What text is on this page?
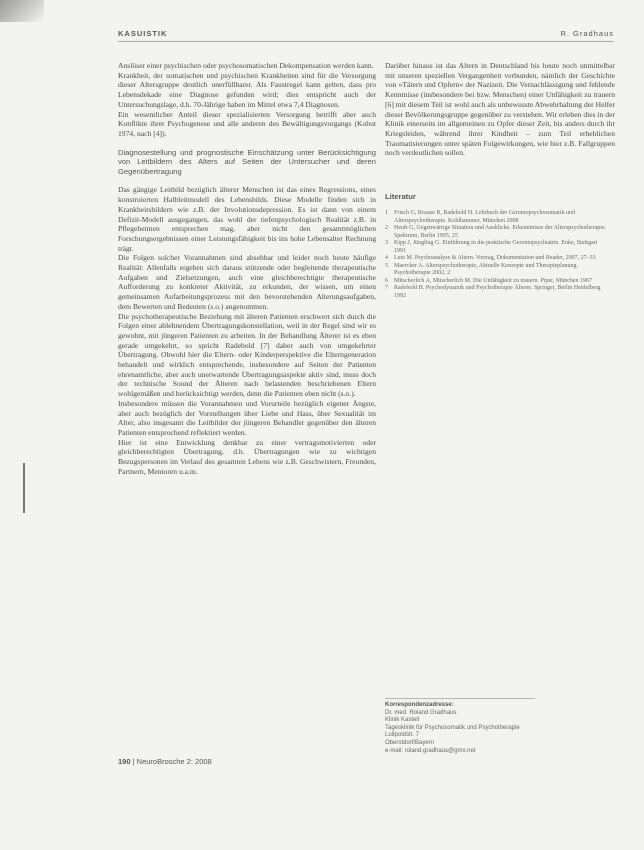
KASUISTIK	R. Gradhaus

Anslöser einer psychischen oder psychosomatischen Dekompensation werden kann.

Krankheit, der somatischen und psychischen Krankheiten sind für die Versorgung dieser Altersgruppe deutlich unerfüllbarer. Als Faustregel kann gelten, dass pro Lebensdekade eine Diagnose gefunden wird; dies entspricht auch der Untersuchungslage, d.h. 70-Jährige haben im Mittel etwa 7,4 Diagnosen.

Ein wesentlicher Anteil dieser spezialisierten Versorgung betrifft aber auch Konflikte ihrer Psychogenese und alle anderen des Bewältigungsvorgangs (Kohut 1974, nach [4]).

Diagnosestellung und prognostische Einschätzung unter Berücksichtigung von Leitbildern des Alters auf Seiten der Untersucher und deren Gegenübertragung

Das gängige Leitbild bezüglich älterer Menschen ist das eines Regressions, eines konstruierten Halbleitmodell des Lebensbilds. Diese Modelle finden sich in Krankheitsbildern wie z.B. der Involutionsdepression. Es ist dann von einem Defizit-Modell ausgegangen, das wohl der tiefenpsychologisch Realität z.B. in Pflegeheimen entsprechen mag, aber nicht den gesamtmöglichen Forschungsergebnissen einer Leistungsfähigkeit bis ins hohe Lebensalter Rechnung trägt.

Die Folgen solcher Vorannahmen sind absehbar und leider noch heute häufige Realität: Allenfalls ergeben sich daraus stützende oder begleitende therapeutische Aufgaben und Zielsetzungen, auch eine gleichberechtigte therapeutische Aufforderung zu konkreter Aktivität, zu erkunden, der wissen, um einen gemeinsamen Aufarbeitungsprozess mit den bevorstehenden Alterungsaufgaben, dem Bewerten und Bedeuten (s.o.) angenommen.

Die psychotherapeutische Beziehung mit älteren Patienten erschwert sich durch die Folgen einer ablehnendem Übertragungskonstellation, weil in der Regel sind wir es gewohnt, mit jüngeren Patienten zu arbeiten. In der Behandlung Älterer ist es eben gerade umgekehrt, so spricht Radebold [7] daher auch von umgekehrter Übertragung. Obwohl hier die Eltern- oder Kinderperspektive die Elterngeneration behandelt und wirklich entsprechende, insbesondere auf Seiten der Patienten ehrenamtliche, aber auch unerwartende Übertragungsaspekte aktiv sind, muss doch der technische Sound der Älteren nach belastenden beschriebenen Eltern wohlgemäßen und berücksichtigt werden, denn die Patienten eben nicht (s.o.).

Insbesondere müssen die Vorannahmen und Vorurteile bezüglich eigener Ängste, aber auch bezüglich der Vorstellungen über Liebe und Hass, über Sexualität im Alter, also insgesamt die Leitbilder der jüngeren Behandler gegenüber den älteren Patienten entsprochend reflektiert werden.

Hier ist eine Entwicklung denkbar zu einer vertragsmotivierten oder gleichberechtigten Übertragung, d.h. Übertragungen wie zu wichtigen Bezugspersonen im Verlauf des gesamten Lebens wie z.B. Geschwistern, Freunden, Partnern, Mentoren u.a.m.

Darüber hinaus ist das Altern in Deutschland bis heute noch unmittelbar mit unseren speziellen Vergangenheit verbunden, nämlich der Geschichte von »Tätern und Opfern« der Nazizeit. Die Vernachlässigung und fehlende Kenntnisse (insbesondere bei bzw. Menschen) einer Unfähigkeit zu trauern [6] mit diesem Teil ist wohl auch als unbewusste Abwehrhaltung der Helfer dieser Bevölkerungsgruppe gegenüber zu verstehen. Wir erleben dies in der Klinik einerseits im allgemeinen zu Opfer dieser Zeit, bis anders durch ihr Kriegsleiden, während ihrer Kindheit – zum Teil erheblichen Traumatisierungen unter späten Folgewirkungen, wie hier z.B. Fallgruppen noch verdeutlichen sollen.

Literatur
1	Frisch G, Krause R, Radebold H. Lehrbuch der Gerontopsychosomatik und Alterspsychotherapie. Kohlhammer, München 2008
2	Heuft G, Gegenwärtige Situation und Ausblicke. Erkenntnisse der Alterspsychotherapie. Spektrum, Berlin 1995, 25
3	Kipp J, Jüngling G. Einführung in die praktische Gerontopsychiatrie. Enke, Stuttgart 1991
4	Lutz M. Psychoanalyse & Altern. Vortrag, Dokumentation und Reader, 2007, 27–33
5	Maercker A. Alterspsychotherapie, Aktuelle Konzepte und Therapieplanung. Psychotherapie 2002, 2
6	Mitscherlich A, Mitscherlich M. Die Unfähigkeit zu trauern. Piper, München 1967
7	Radebold H. Psychodynamik und Psychotherapie Älterer. Springer, Berlin Heidelberg 1992
Korrespondenzadresse:
Dr. med. Roland Gradhaus
Klinik Kastell
Tagesklinik für Psychosomatik und Psychotherapie
Luitpoldstr. 7
Oberstdorf/Bayern
e-mail: roland.gradhaus@gmx.net
190 | NeuroBrosche 2: 2008
